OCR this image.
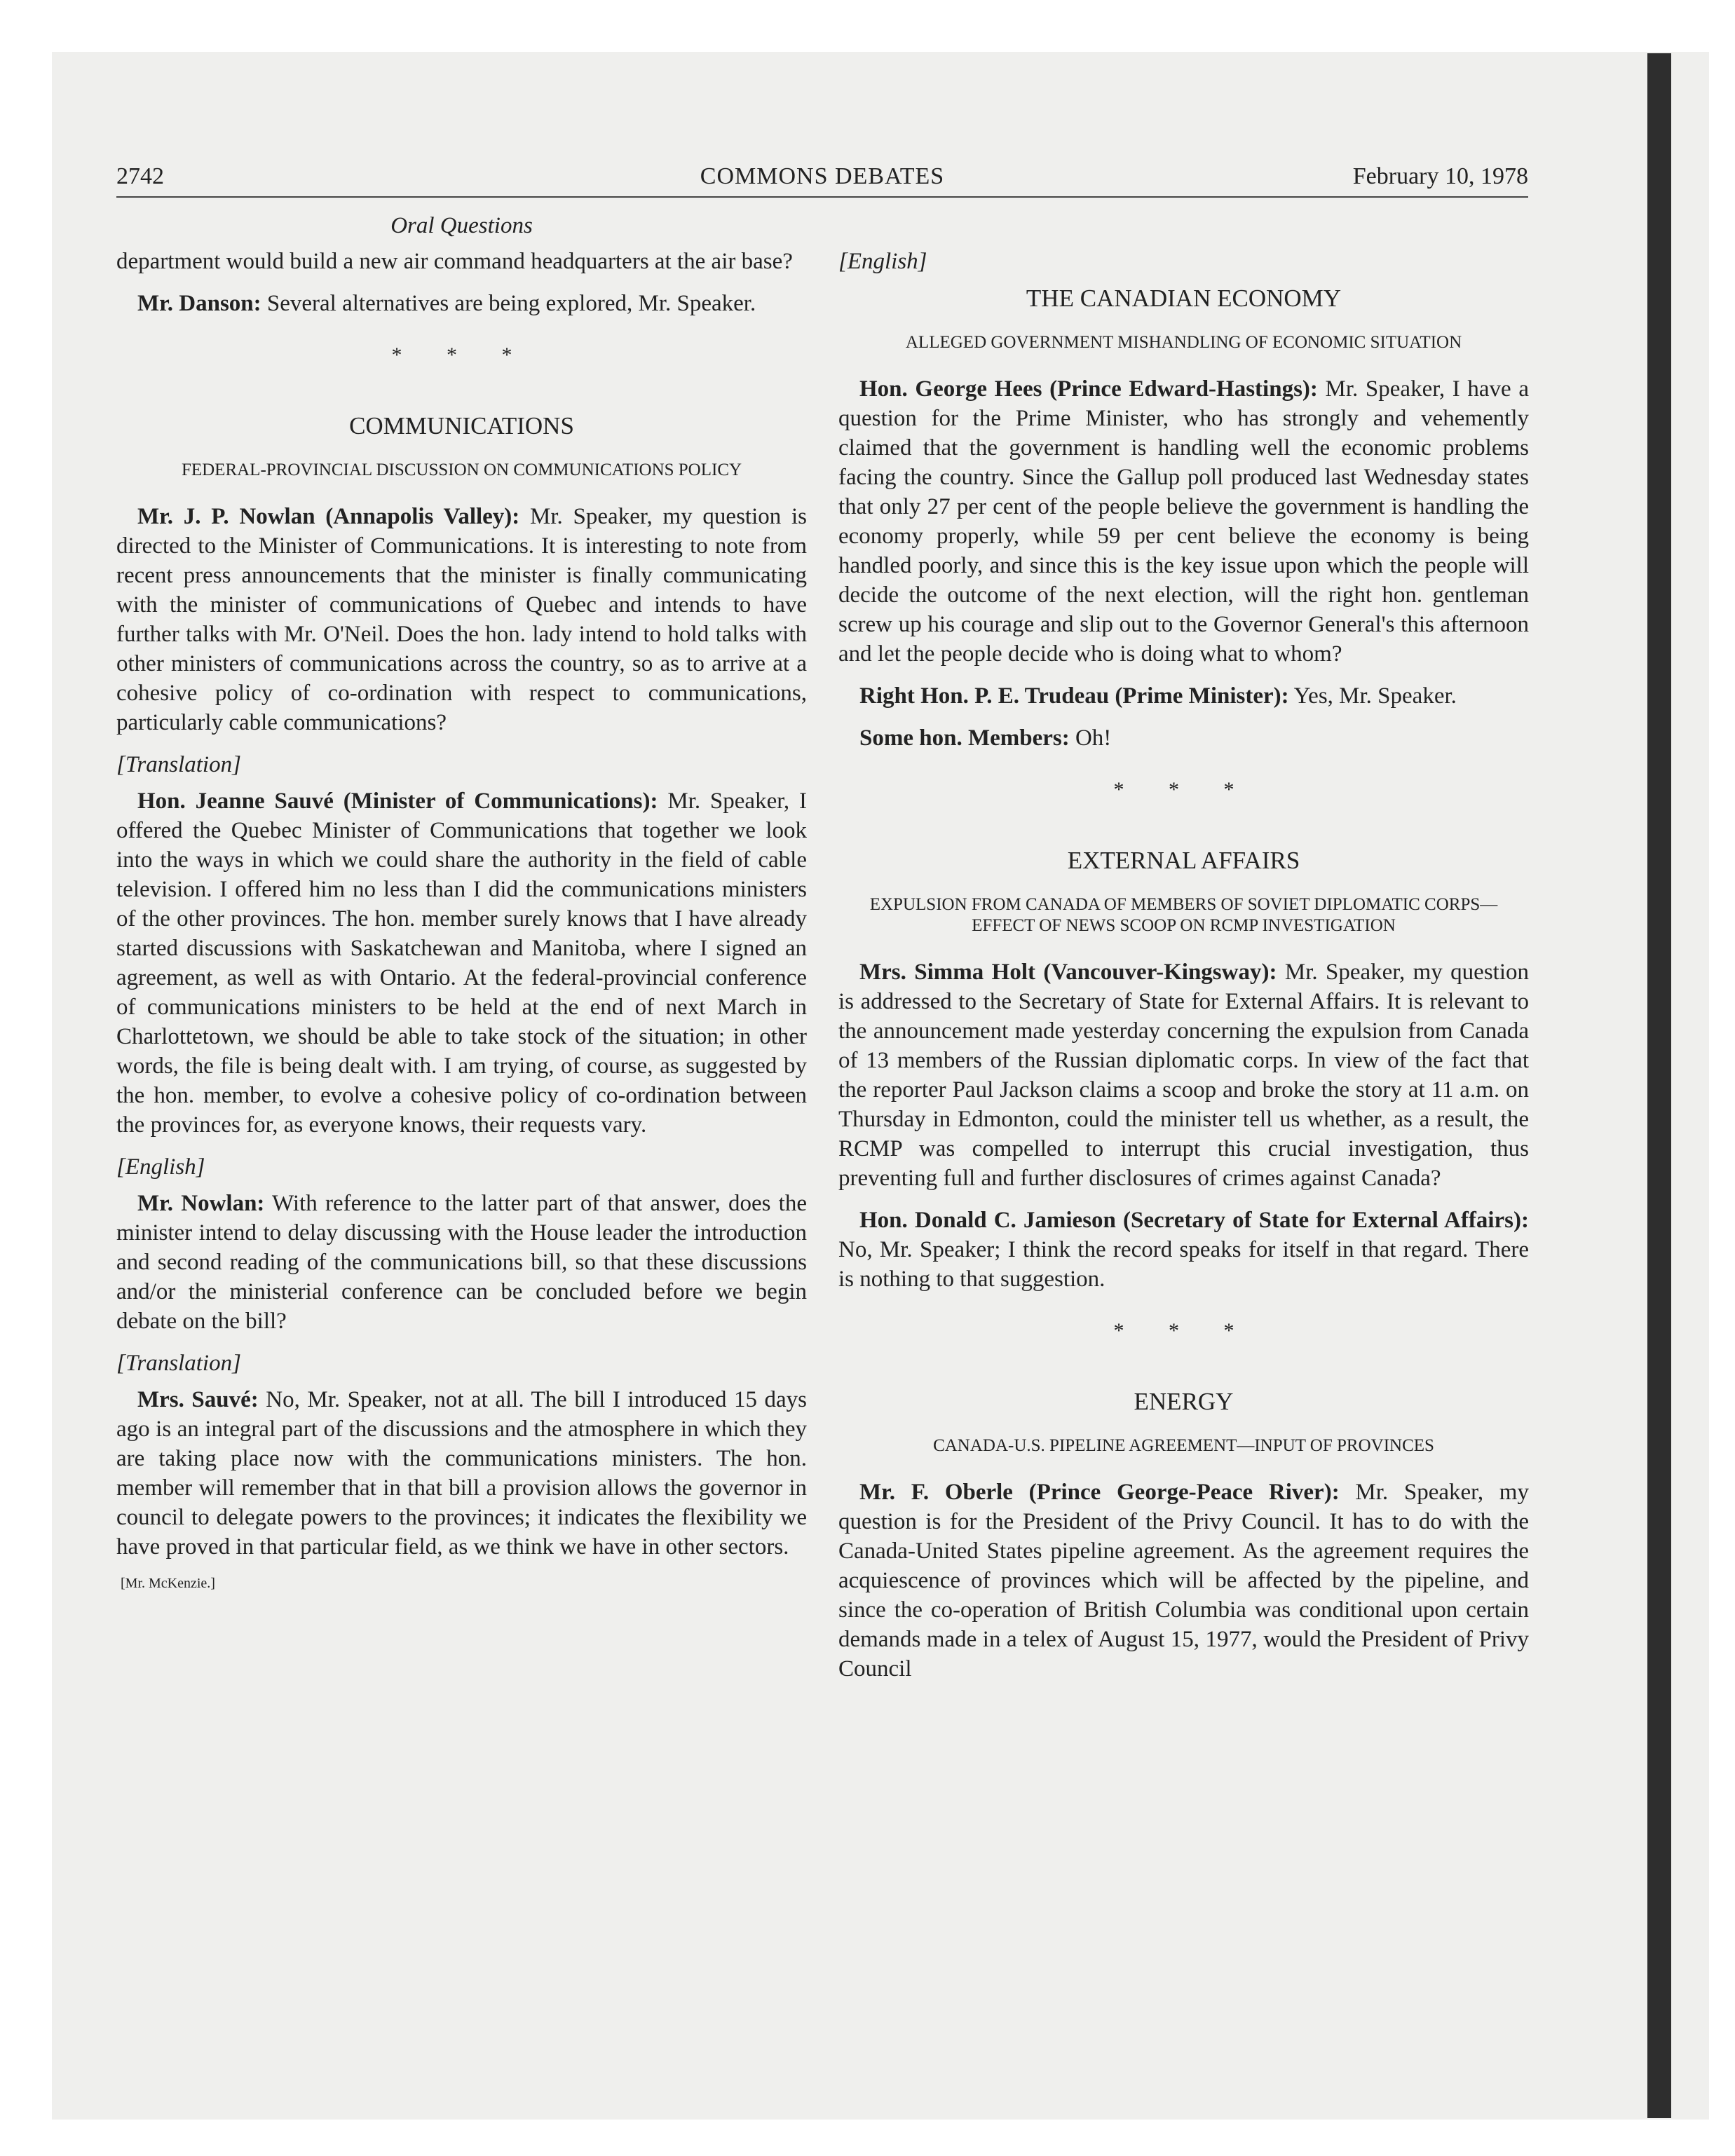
2742	COMMONS DEBATES	February 10, 1978
Oral Questions

department would build a new air command headquarters at the air base?

Mr. Danson: Several alternatives are being explored, Mr. Speaker.

* * *
COMMUNICATIONS
FEDERAL-PROVINCIAL DISCUSSION ON COMMUNICATIONS POLICY

Mr. J. P. Nowlan (Annapolis Valley): Mr. Speaker, my question is directed to the Minister of Communications. It is interesting to note from recent press announcements that the minister is finally communicating with the minister of communications of Quebec and intends to have further talks with Mr. O'Neil. Does the hon. lady intend to hold talks with other ministers of communications across the country, so as to arrive at a cohesive policy of co-ordination with respect to communications, particularly cable communications?

[Translation]

Hon. Jeanne Sauvé (Minister of Communications): Mr. Speaker, I offered the Quebec Minister of Communications that together we look into the ways in which we could share the authority in the field of cable television. I offered him no less than I did the communications ministers of the other provinces. The hon. member surely knows that I have already started discussions with Saskatchewan and Manitoba, where I signed an agreement, as well as with Ontario. At the federal-provincial conference of communications ministers to be held at the end of next March in Charlottetown, we should be able to take stock of the situation; in other words, the file is being dealt with. I am trying, of course, as suggested by the hon. member, to evolve a cohesive policy of co-ordination between the provinces for, as everyone knows, their requests vary.

[English]

Mr. Nowlan: With reference to the latter part of that answer, does the minister intend to delay discussing with the House leader the introduction and second reading of the communications bill, so that these discussions and/or the ministerial conference can be concluded before we begin debate on the bill?

[Translation]

Mrs. Sauvé: No, Mr. Speaker, not at all. The bill I introduced 15 days ago is an integral part of the discussions and the atmosphere in which they are taking place now with the communications ministers. The hon. member will remember that in that bill a provision allows the governor in council to delegate powers to the provinces; it indicates the flexibility we have proved in that particular field, as we think we have in other sectors.

[Mr. McKenzie.]
[English]
THE CANADIAN ECONOMY
ALLEGED GOVERNMENT MISHANDLING OF ECONOMIC SITUATION

Hon. George Hees (Prince Edward-Hastings): Mr. Speaker, I have a question for the Prime Minister, who has strongly and vehemently claimed that the government is handling well the economic problems facing the country. Since the Gallup poll produced last Wednesday states that only 27 per cent of the people believe the government is handling the economy properly, while 59 per cent believe the economy is being handled poorly, and since this is the key issue upon which the people will decide the outcome of the next election, will the right hon. gentleman screw up his courage and slip out to the Governor General's this afternoon and let the people decide who is doing what to whom?

Right Hon. P. E. Trudeau (Prime Minister): Yes, Mr. Speaker.

Some hon. Members: Oh!

* * *
EXTERNAL AFFAIRS
EXPULSION FROM CANADA OF MEMBERS OF SOVIET DIPLOMATIC CORPS—EFFECT OF NEWS SCOOP ON RCMP INVESTIGATION

Mrs. Simma Holt (Vancouver-Kingsway): Mr. Speaker, my question is addressed to the Secretary of State for External Affairs. It is relevant to the announcement made yesterday concerning the expulsion from Canada of 13 members of the Russian diplomatic corps. In view of the fact that the reporter Paul Jackson claims a scoop and broke the story at 11 a.m. on Thursday in Edmonton, could the minister tell us whether, as a result, the RCMP was compelled to interrupt this crucial investigation, thus preventing full and further disclosures of crimes against Canada?

Hon. Donald C. Jamieson (Secretary of State for External Affairs): No, Mr. Speaker; I think the record speaks for itself in that regard. There is nothing to that suggestion.

* * *
ENERGY
CANADA-U.S. PIPELINE AGREEMENT—INPUT OF PROVINCES

Mr. F. Oberle (Prince George-Peace River): Mr. Speaker, my question is for the President of the Privy Council. It has to do with the Canada-United States pipeline agreement. As the agreement requires the acquiescence of provinces which will be affected by the pipeline, and since the co-operation of British Columbia was conditional upon certain demands made in a telex of August 15, 1977, would the President of Privy Council
